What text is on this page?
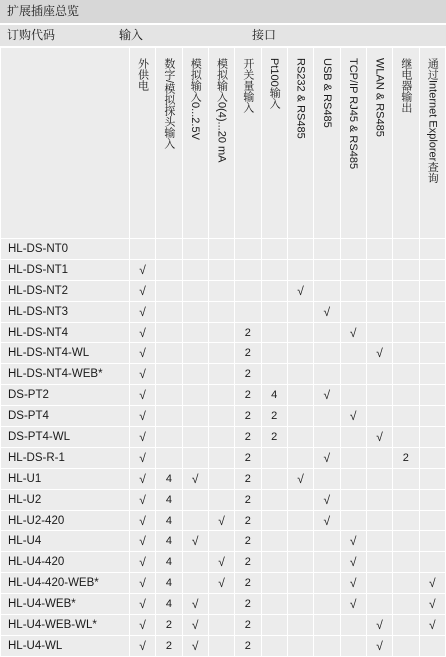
扩展插座总览
订购代码	输入	接口

	外供电	数字/模拟探头输入	模拟输入0...2.5V	模拟输入0(4)...20 mA	开关量输入	Pt100输入	RS232 & RS485	USB & RS485	TCP/IP RJ45 & RS485	WLAN & RS485	继电器输出	通过Internet Explorer查询

HL-DS-NT0												
HL-DS-NT1	√											
HL-DS-NT2	√						√					
HL-DS-NT3	√							√				
HL-DS-NT4	√				2				√			
HL-DS-NT4-WL	√				2					√		
HL-DS-NT4-WEB*	√				2							
DS-PT2	√				2	4		√				
DS-PT4	√				2	2			√			
DS-PT4-WL	√				2	2				√		
HL-DS-R-1	√				2			√			2	
HL-U1	√	4	√		2		√					
HL-U2	√	4			2			√				
HL-U2-420	√	4		√	2			√				
HL-U4	√	4	√		2				√			
HL-U4-420	√	4		√	2				√			
HL-U4-420-WEB*	√	4		√	2				√			√
HL-U4-WEB*	√	4	√		2				√			√
HL-U4-WEB-WL*	√	2	√		2					√		√
HL-U4-WL	√	2	√		2					√		
